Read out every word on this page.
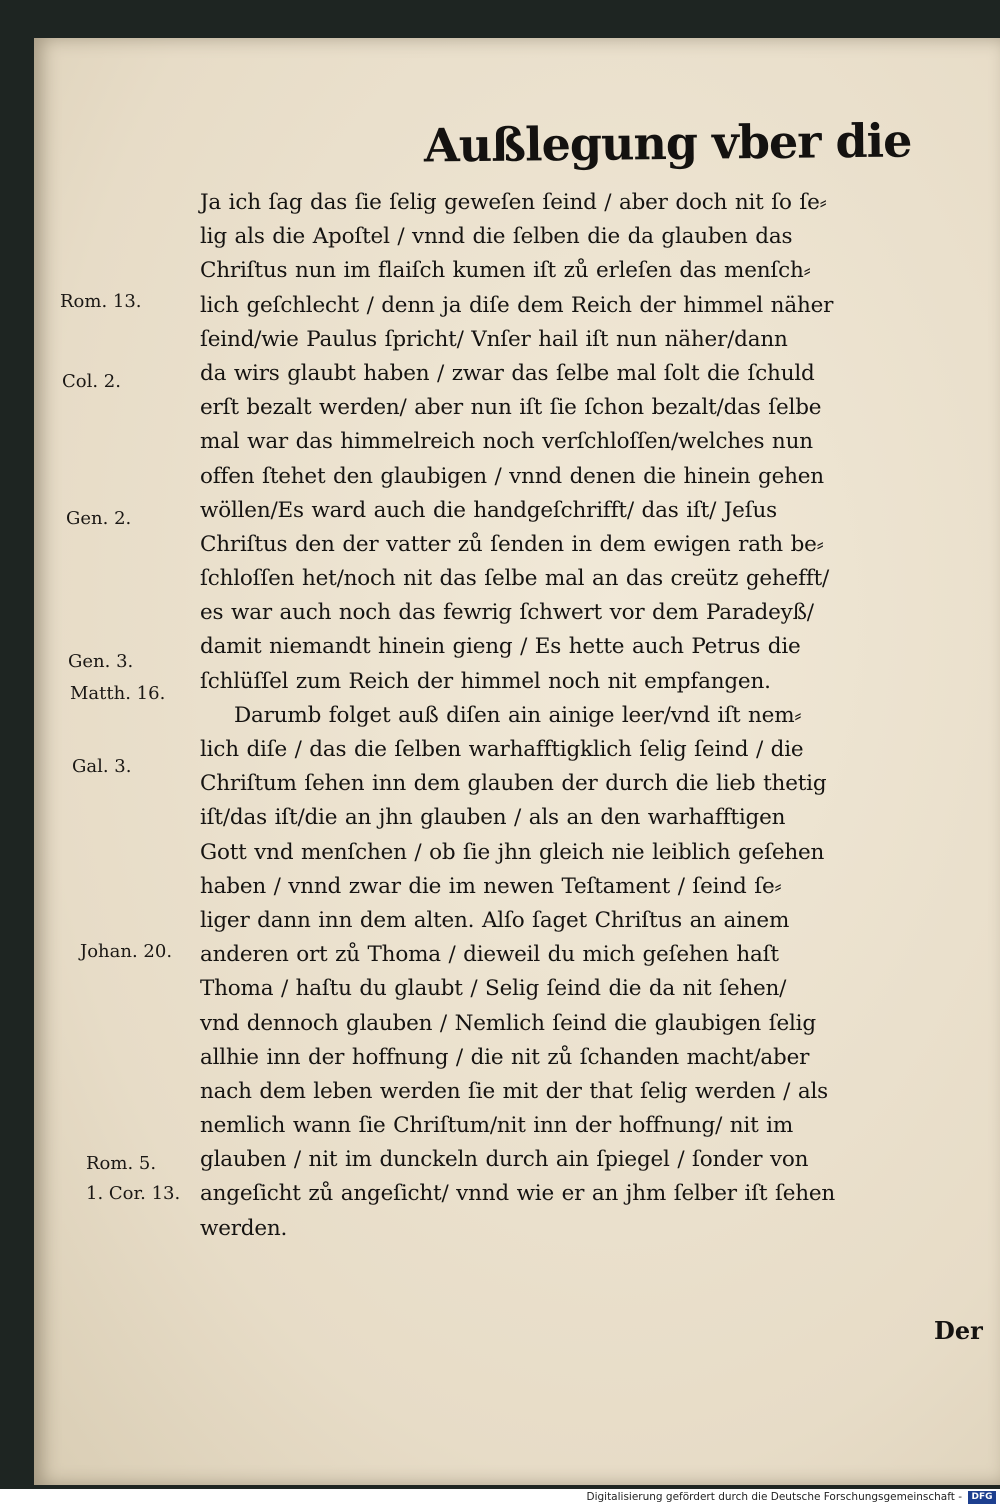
Außlegung vber die
Ja ich ſag das ſie ſelig geweſen ſeind / aber doch nit ſo ſe⸗
lig als die Apoſtel / vnnd die ſelben die da glauben das
Chriſtus nun im flaiſch kumen iſt zů erleſen das menſch⸗
lich geſchlecht / denn ja diſe dem Reich der himmel näher
ſeind/wie Paulus ſpricht/ Vnſer hail iſt nun näher/dann
da wirs glaubt haben / zwar das ſelbe mal ſolt die ſchuld
erſt bezalt werden/ aber nun iſt ſie ſchon bezalt/das ſelbe
mal war das himmelreich noch verſchloſſen/welches nun
offen ſtehet den glaubigen / vnnd denen die hinein gehen
wöllen/Es ward auch die handgeſchrifft/ das iſt/ Jeſus
Chriſtus den der vatter zů ſenden in dem ewigen rath be⸗
ſchloſſen het/noch nit das ſelbe mal an das creütz gehefft/
es war auch noch das fewrig ſchwert vor dem Paradeyß/
damit niemandt hinein gieng / Es hette auch Petrus die
ſchlüſſel zum Reich der himmel noch nit empfangen.
Darumb folget auß diſen ain ainige leer/vnd iſt nem⸗
lich diſe / das die ſelben warhafftigklich ſelig ſeind / die
Chriſtum ſehen inn dem glauben der durch die lieb thetig
iſt/das iſt/die an jhn glauben / als an den warhafftigen
Gott vnd menſchen / ob ſie jhn gleich nie leiblich geſehen
haben / vnnd zwar die im newen Teſtament / ſeind ſe⸗
liger dann inn dem alten. Alſo ſaget Chriſtus an ainem
anderen ort zů Thoma / dieweil du mich geſehen haſt
Thoma / haſtu du glaubt / Selig ſeind die da nit ſehen/
vnd dennoch glauben / Nemlich ſeind die glaubigen ſelig
allhie inn der hoffnung / die nit zů ſchanden macht/aber
nach dem leben werden ſie mit der that ſelig werden / als
nemlich wann ſie Chriſtum/nit inn der hoffnung/ nit im
glauben / nit im dunckeln durch ain ſpiegel / ſonder von
angeſicht zů angeſicht/ vnnd wie er an jhm ſelber iſt ſehen
werden.
Rom. 13.
Col. 2.
Gen. 2.
Gen. 3.
Matth. 16.
Gal. 3.
Johan. 20.
Rom. 5.
1. Cor. 13.
Der
Digitalisierung gefördert durch die Deutsche Forschungsgemeinschaft -	DFG
